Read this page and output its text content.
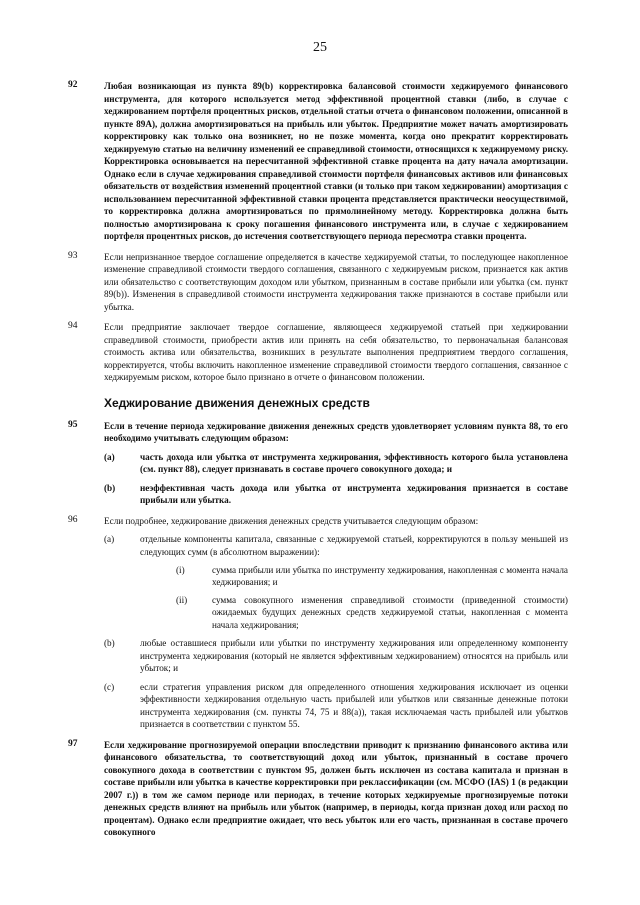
25
92	Любая возникающая из пункта 89(b) корректировка балансовой стоимости хеджируемого финансового инструмента, для которого используется метод эффективной процентной ставки (либо, в случае с хеджированием портфеля процентных рисков, отдельной статьи отчета о финансовом положении, описанной в пункте 89А), должна амортизироваться на прибыль или убыток. Предприятие может начать амортизировать корректировку как только она возникнет, но не позже момента, когда оно прекратит корректировать хеджируемую статью на величину изменений ее справедливой стоимости, относящихся к хеджируемому риску. Корректировка основывается на пересчитанной эффективной ставке процента на дату начала амортизации. Однако если в случае хеджирования справедливой стоимости портфеля финансовых активов или финансовых обязательств от воздействия изменений процентной ставки (и только при таком хеджировании) амортизация с использованием пересчитанной эффективной ставки процента представляется практически неосуществимой, то корректировка должна амортизироваться по прямолинейному методу. Корректировка должна быть полностью амортизирована к сроку погашения финансового инструмента или, в случае с хеджированием портфеля процентных рисков, до истечения соответствующего периода пересмотра ставки процента.
93	Если непризнанное твердое соглашение определяется в качестве хеджируемой статьи, то последующее накопленное изменение справедливой стоимости твердого соглашения, связанного с хеджируемым риском, признается как актив или обязательство с соответствующим доходом или убытком, признанным в составе прибыли или убытка (см. пункт 89(b)). Изменения в справедливой стоимости инструмента хеджирования также признаются в составе прибыли или убытка.
94	Если предприятие заключает твердое соглашение, являющееся хеджируемой статьей при хеджировании справедливой стоимости, приобрести актив или принять на себя обязательство, то первоначальная балансовая стоимость актива или обязательства, возникших в результате выполнения предприятием твердого соглашения, корректируется, чтобы включить накопленное изменение справедливой стоимости твердого соглашения, связанное с хеджируемым риском, которое было признано в отчете о финансовом положении.
Хеджирование движения денежных средств
95	Если в течение периода хеджирование движения денежных средств удовлетворяет условиям пункта 88, то его необходимо учитывать следующим образом:
(a)	часть дохода или убытка от инструмента хеджирования, эффективность которого была установлена (см. пункт 88), следует признавать в составе прочего совокупного дохода; и
(b)	неэффективная часть дохода или убытка от инструмента хеджирования признается в составе прибыли или убытка.
96	Если подробнее, хеджирование движения денежных средств учитывается следующим образом:
(a)	отдельные компоненты капитала, связанные с хеджируемой статьей, корректируются в пользу меньшей из следующих сумм (в абсолютном выражении):
(i)	сумма прибыли или убытка по инструменту хеджирования, накопленная с момента начала хеджирования; и
(ii)	сумма совокупного изменения справедливой стоимости (приведенной стоимости) ожидаемых будущих денежных средств хеджируемой статьи, накопленная с момента начала хеджирования;
(b)	любые оставшиеся прибыли или убытки по инструменту хеджирования или определенному компоненту инструмента хеджирования (который не является эффективным хеджированием) относятся на прибыль или убыток; и
(c)	если стратегия управления риском для определенного отношения хеджирования исключает из оценки эффективности хеджирования отдельную часть прибылей или убытков или связанные денежные потоки инструмента хеджирования (см. пункты 74, 75 и 88(a)), такая исключаемая часть прибылей или убытков признается в соответствии с пунктом 55.
97	Если хеджирование прогнозируемой операции впоследствии приводит к признанию финансового актива или финансового обязательства, то соответствующий доход или убыток, признанный в составе прочего совокупного дохода в соответствии с пунктом 95, должен быть исключен из состава капитала и признан в составе прибыли или убытка в качестве корректировки при реклассификации (см. МСФО (IAS) 1 (в редакции 2007 г.)) в том же самом периоде или периодах, в течение которых хеджируемые прогнозируемые потоки денежных средств влияют на прибыль или убыток (например, в периоды, когда признан доход или расход по процентам). Однако если предприятие ожидает, что весь убыток или его часть, признанная в составе прочего совокупного
